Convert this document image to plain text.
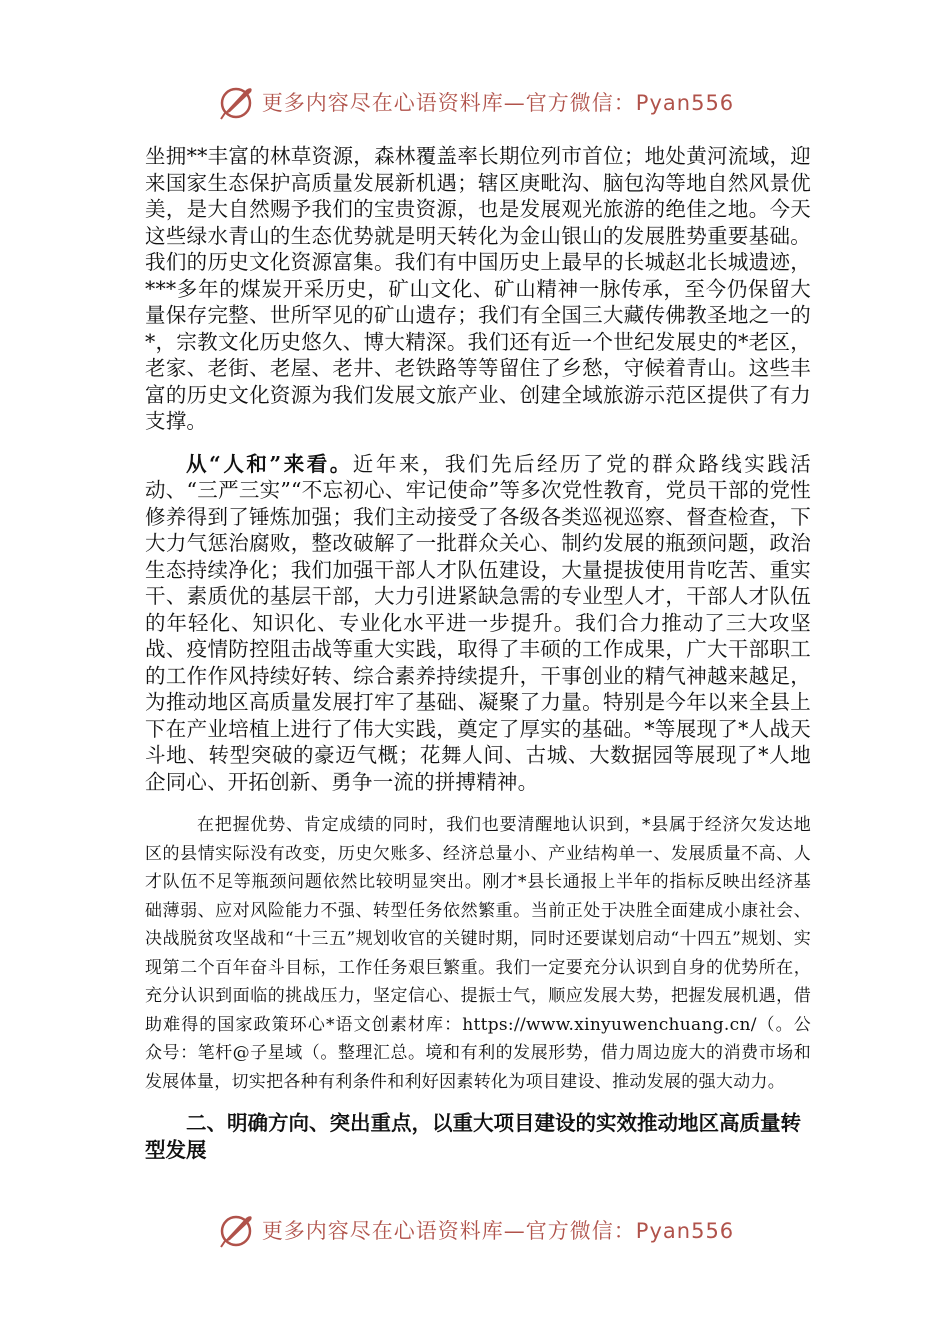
更多内容尽在心语资料库—官方微信：Pyan556

坐拥**丰富的林草资源，森林覆盖率长期位列市首位；地处黄河流域，迎来国家生态保护高质量发展新机遇；辖区庚毗沟、脑包沟等地自然风景优美，是大自然赐予我们的宝贵资源，也是发展观光旅游的绝佳之地。今天这些绿水青山的生态优势就是明天转化为金山银山的发展胜势重要基础。我们的历史文化资源富集。我们有中国历史上最早的长城赵北长城遗迹，***多年的煤炭开采历史，矿山文化、矿山精神一脉传承，至今仍保留大量保存完整、世所罕见的矿山遗存；我们有全国三大藏传佛教圣地之一的*，宗教文化历史悠久、博大精深。我们还有近一个世纪发展史的*老区，老家、老街、老屋、老井、老铁路等等留住了乡愁，守候着青山。这些丰富的历史文化资源为我们发展文旅产业、创建全域旅游示范区提供了有力支撑。

从“人和”来看。近年来，我们先后经历了党的群众路线实践活动、“三严三实”“不忘初心、牢记使命”等多次党性教育，党员干部的党性修养得到了锤炼加强；我们主动接受了各级各类巡视巡察、督查检查，下大力气惩治腐败，整改破解了一批群众关心、制约发展的瓶颈问题，政治生态持续净化；我们加强干部人才队伍建设，大量提拔使用肯吃苦、重实干、素质优的基层干部，大力引进紧缺急需的专业型人才，干部人才队伍的年轻化、知识化、专业化水平进一步提升。我们合力推动了三大攻坚战、疫情防控阻击战等重大实践，取得了丰硕的工作成果，广大干部职工的工作作风持续好转、综合素养持续提升，干事创业的精气神越来越足，为推动地区高质量发展打牢了基础、凝聚了力量。特别是今年以来全县上下在产业培植上进行了伟大实践，奠定了厚实的基础。*等展现了*人战天斗地、转型突破的豪迈气概；花舞人间、古城、大数据园等展现了*人地企同心、开拓创新、勇争一流的拼搏精神。

在把握优势、肯定成绩的同时，我们也要清醒地认识到，*县属于经济欠发达地区的县情实际没有改变，历史欠账多、经济总量小、产业结构单一、发展质量不高、人才队伍不足等瓶颈问题依然比较明显突出。刚才*县长通报上半年的指标反映出经济基础薄弱、应对风险能力不强、转型任务依然繁重。当前正处于决胜全面建成小康社会、决战脱贫攻坚战和“十三五”规划收官的关键时期，同时还要谋划启动“十四五”规划、实现第二个百年奋斗目标，工作任务艰巨繁重。我们一定要充分认识到自身的优势所在，充分认识到面临的挑战压力，坚定信心、提振士气，顺应发展大势，把握发展机遇，借助难得的国家政策环心*语文创素材库：https://www.xinyuwenchuang.cn/（。公众号：笔杆@子星域（。整理汇总。境和有利的发展形势，借力周边庞大的消费市场和发展体量，切实把各种有利条件和利好因素转化为项目建设、推动发展的强大动力。

二、明确方向、突出重点，以重大项目建设的实效推动地区高质量转型发展

更多内容尽在心语资料库—官方微信：Pyan556
